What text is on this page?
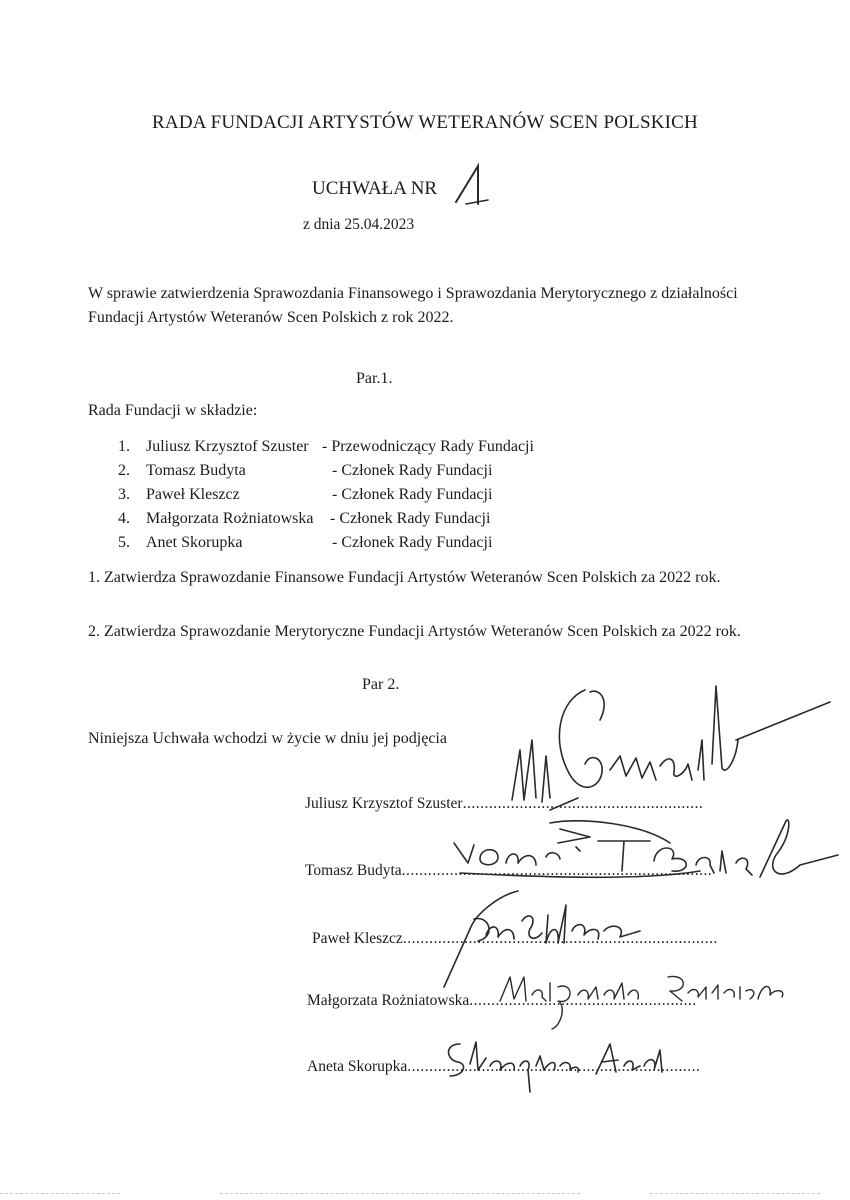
RADA FUNDACJI ARTYSTÓW WETERANÓW SCEN POLSKICH
UCHWAŁA NR
z dnia 25.04.2023
W sprawie zatwierdzenia Sprawozdania Finansowego i Sprawozdania Merytorycznego z działalności Fundacji Artystów Weteranów Scen Polskich z rok 2022.
Par.1.
Rada Fundacji w składzie:
1.	Juliusz Krzysztof Szuster - Przewodniczący Rady Fundacji
2.	Tomasz Budyta	- Członek Rady Fundacji
3.	Paweł Kleszcz	- Członek Rady Fundacji
4.	Małgorzata Rożniatowska - Członek Rady Fundacji
5.	Anet Skorupka	- Członek Rady Fundacji
1. Zatwierdza Sprawozdanie Finansowe Fundacji Artystów Weteranów Scen Polskich za 2022 rok.
2. Zatwierdza Sprawozdanie Merytoryczne Fundacji Artystów Weteranów Scen Polskich za 2022 rok.
Par 2.
Niniejsza Uchwała wchodzi w życie w dniu jej podjęcia
Juliusz Krzysztof Szuster.......................................................
Tomasz Budyta.......................................................................
Paweł Kleszcz........................................................................
Małgorzata Rożniatowska....................................................
Aneta Skorupka...................................................................
